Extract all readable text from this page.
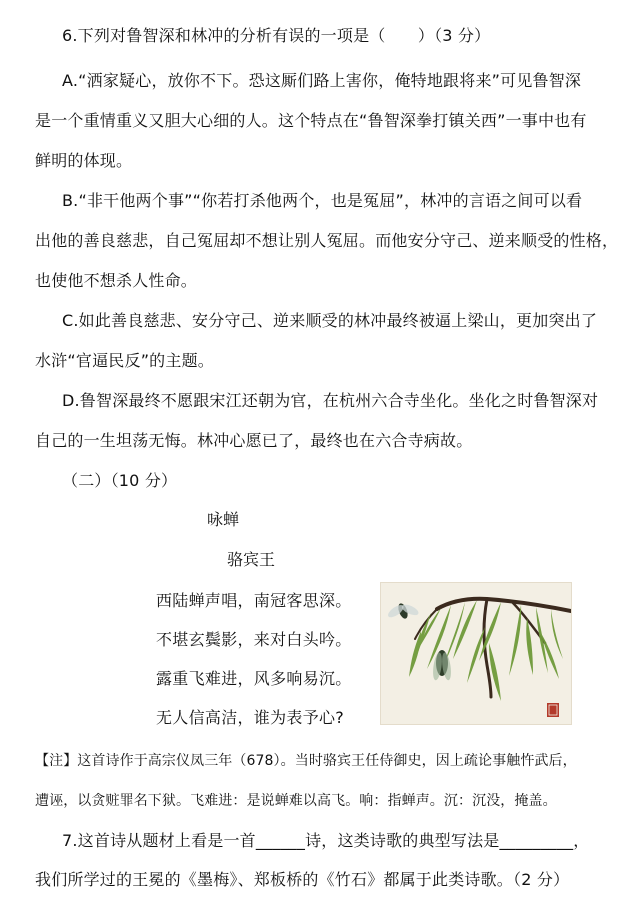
6.下列对鲁智深和林冲的分析有误的一项是（　　）（3 分）
A.“洒家疑心，放你不下。恐这厮们路上害你，俺特地跟将来”可见鲁智深
是一个重情重义又胆大心细的人。这个特点在“鲁智深拳打镇关西”一事中也有
鲜明的体现。
B.“非干他两个事”“你若打杀他两个，也是冤屈”，林冲的言语之间可以看
出他的善良慈悲，自己冤屈却不想让别人冤屈。而他安分守己、逆来顺受的性格，
也使他不想杀人性命。
C.如此善良慈悲、安分守己、逆来顺受的林冲最终被逼上梁山，更加突出了
水浒“官逼民反”的主题。
D.鲁智深最终不愿跟宋江还朝为官，在杭州六合寺坐化。坐化之时鲁智深对
自己的一生坦荡无悔。林冲心愿已了，最终也在六合寺病故。
（二）（10 分）
咏蝉
骆宾王
西陆蝉声唱，南冠客思深。
不堪玄鬓影，来对白头吟。
露重飞难进，风多响易沉。
无人信高洁，谁为表予心?
【注】这首诗作于高宗仪凤三年（678）。当时骆宾王任侍御史，因上疏论事触忤武后，
遭诬，以贪赃罪名下狱。飞难进：是说蝉难以高飞。响：指蝉声。沉：沉没，掩盖。
7.这首诗从题材上看是一首______诗，这类诗歌的典型写法是_________，
我们所学过的王冕的《墨梅》、郑板桥的《竹石》都属于此类诗歌。（2 分）
